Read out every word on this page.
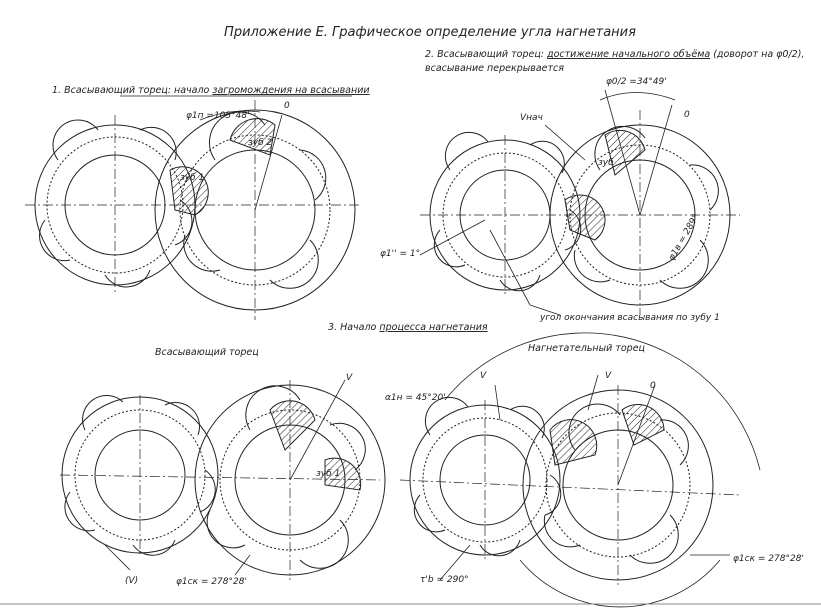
Приложение Е. Графическое определение угла нагнетания
1. Всасывающий торец: начало загромождения на всасывании
φ1п =105°48'
0
зуб 2
зуб 1
2. Всасывающий торец: достижение начального объёма (доворот на φ0/2),
всасывание перекрывается
φ0/2 =34°49'
0
Vнач
зуб
φ1'' = 1°	φ1в = 289°
угол окончания всасывания по зубу 1
3. Начало процесса нагнетания
Всасывающий торец	Нагнетательный торец
V
зуб 1
(V)	φ1ск = 278°28'
α1н = 45°20'
V	V
0
φ1ск = 278°28'
τ'b = 290°
